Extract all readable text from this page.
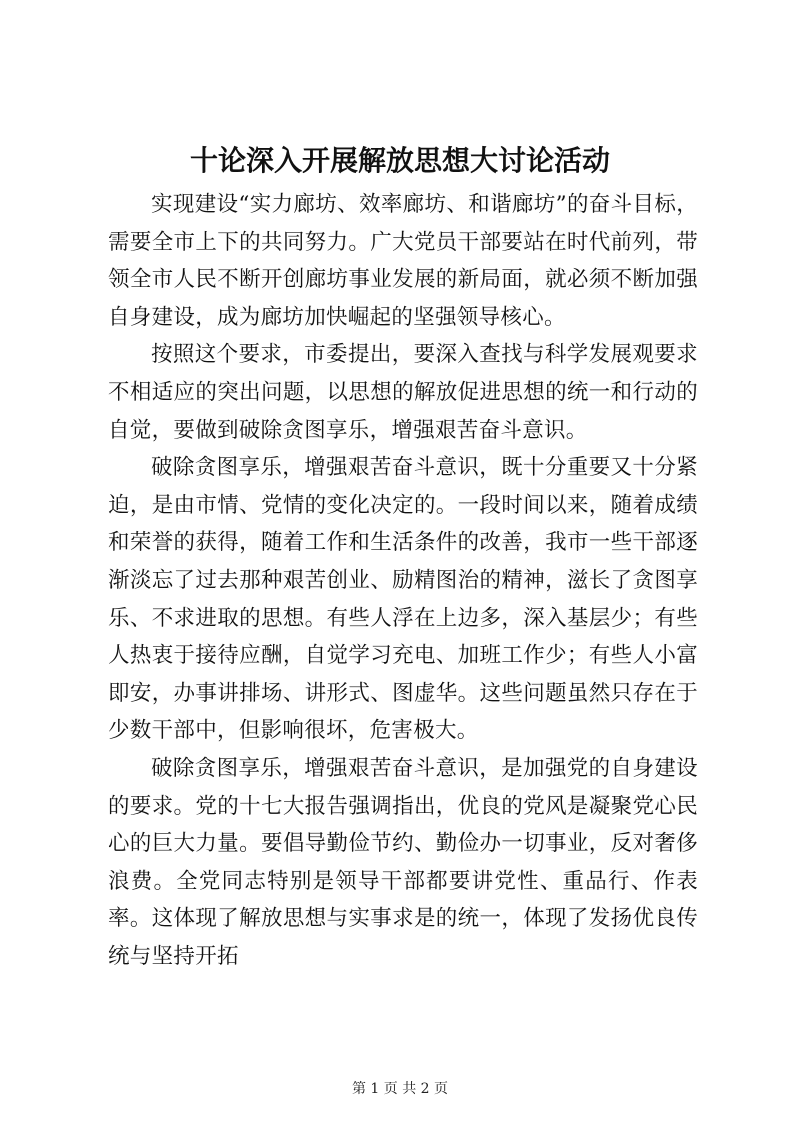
十论深入开展解放思想大讨论活动

实现建设“实力廊坊、效率廊坊、和谐廊坊”的奋斗目标，需要全市上下的共同努力。广大党员干部要站在时代前列，带领全市人民不断开创廊坊事业发展的新局面，就必须不断加强自身建设，成为廊坊加快崛起的坚强领导核心。

按照这个要求，市委提出，要深入查找与科学发展观要求不相适应的突出问题，以思想的解放促进思想的统一和行动的自觉，要做到破除贪图享乐，增强艰苦奋斗意识。

破除贪图享乐，增强艰苦奋斗意识，既十分重要又十分紧迫，是由市情、党情的变化决定的。一段时间以来，随着成绩和荣誉的获得，随着工作和生活条件的改善，我市一些干部逐渐淡忘了过去那种艰苦创业、励精图治的精神，滋长了贪图享乐、不求进取的思想。有些人浮在上边多，深入基层少；有些人热衷于接待应酬，自觉学习充电、加班工作少；有些人小富即安，办事讲排场、讲形式、图虚华。这些问题虽然只存在于少数干部中，但影响很坏，危害极大。

破除贪图享乐，增强艰苦奋斗意识，是加强党的自身建设的要求。党的十七大报告强调指出，优良的党风是凝聚党心民心的巨大力量。要倡导勤俭节约、勤俭办一切事业，反对奢侈浪费。全党同志特别是领导干部都要讲党性、重品行、作表率。这体现了解放思想与实事求是的统一，体现了发扬优良传统与坚持开拓

第 1 页 共 2 页
